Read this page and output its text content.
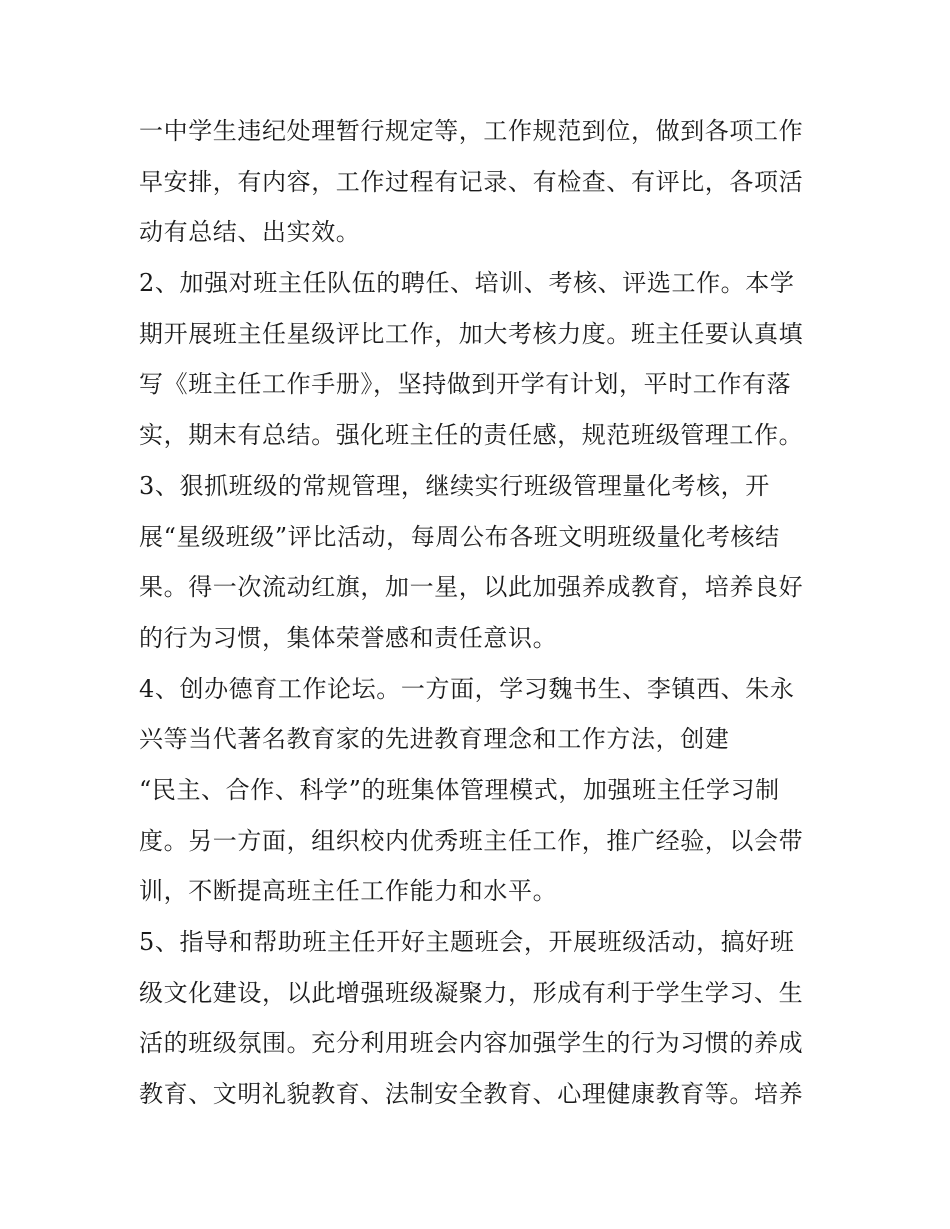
一中学生违纪处理暂行规定等，工作规范到位，做到各项工作
早安排，有内容，工作过程有记录、有检查、有评比，各项活
动有总结、出实效。
2、加强对班主任队伍的聘任、培训、考核、评选工作。本学
期开展班主任星级评比工作，加大考核力度。班主任要认真填
写《班主任工作手册》，坚持做到开学有计划，平时工作有落
实，期末有总结。强化班主任的责任感，规范班级管理工作。
3、狠抓班级的常规管理，继续实行班级管理量化考核，开
展“星级班级”评比活动，每周公布各班文明班级量化考核结
果。得一次流动红旗，加一星，以此加强养成教育，培养良好
的行为习惯，集体荣誉感和责任意识。
4、创办德育工作论坛。一方面，学习魏书生、李镇西、朱永
兴等当代著名教育家的先进教育理念和工作方法，创建
“民主、合作、科学”的班集体管理模式，加强班主任学习制
度。另一方面，组织校内优秀班主任工作，推广经验，以会带
训，不断提高班主任工作能力和水平。
5、指导和帮助班主任开好主题班会，开展班级活动，搞好班
级文化建设，以此增强班级凝聚力，形成有利于学生学习、生
活的班级氛围。充分利用班会内容加强学生的行为习惯的养成
教育、文明礼貌教育、法制安全教育、心理健康教育等。培养
